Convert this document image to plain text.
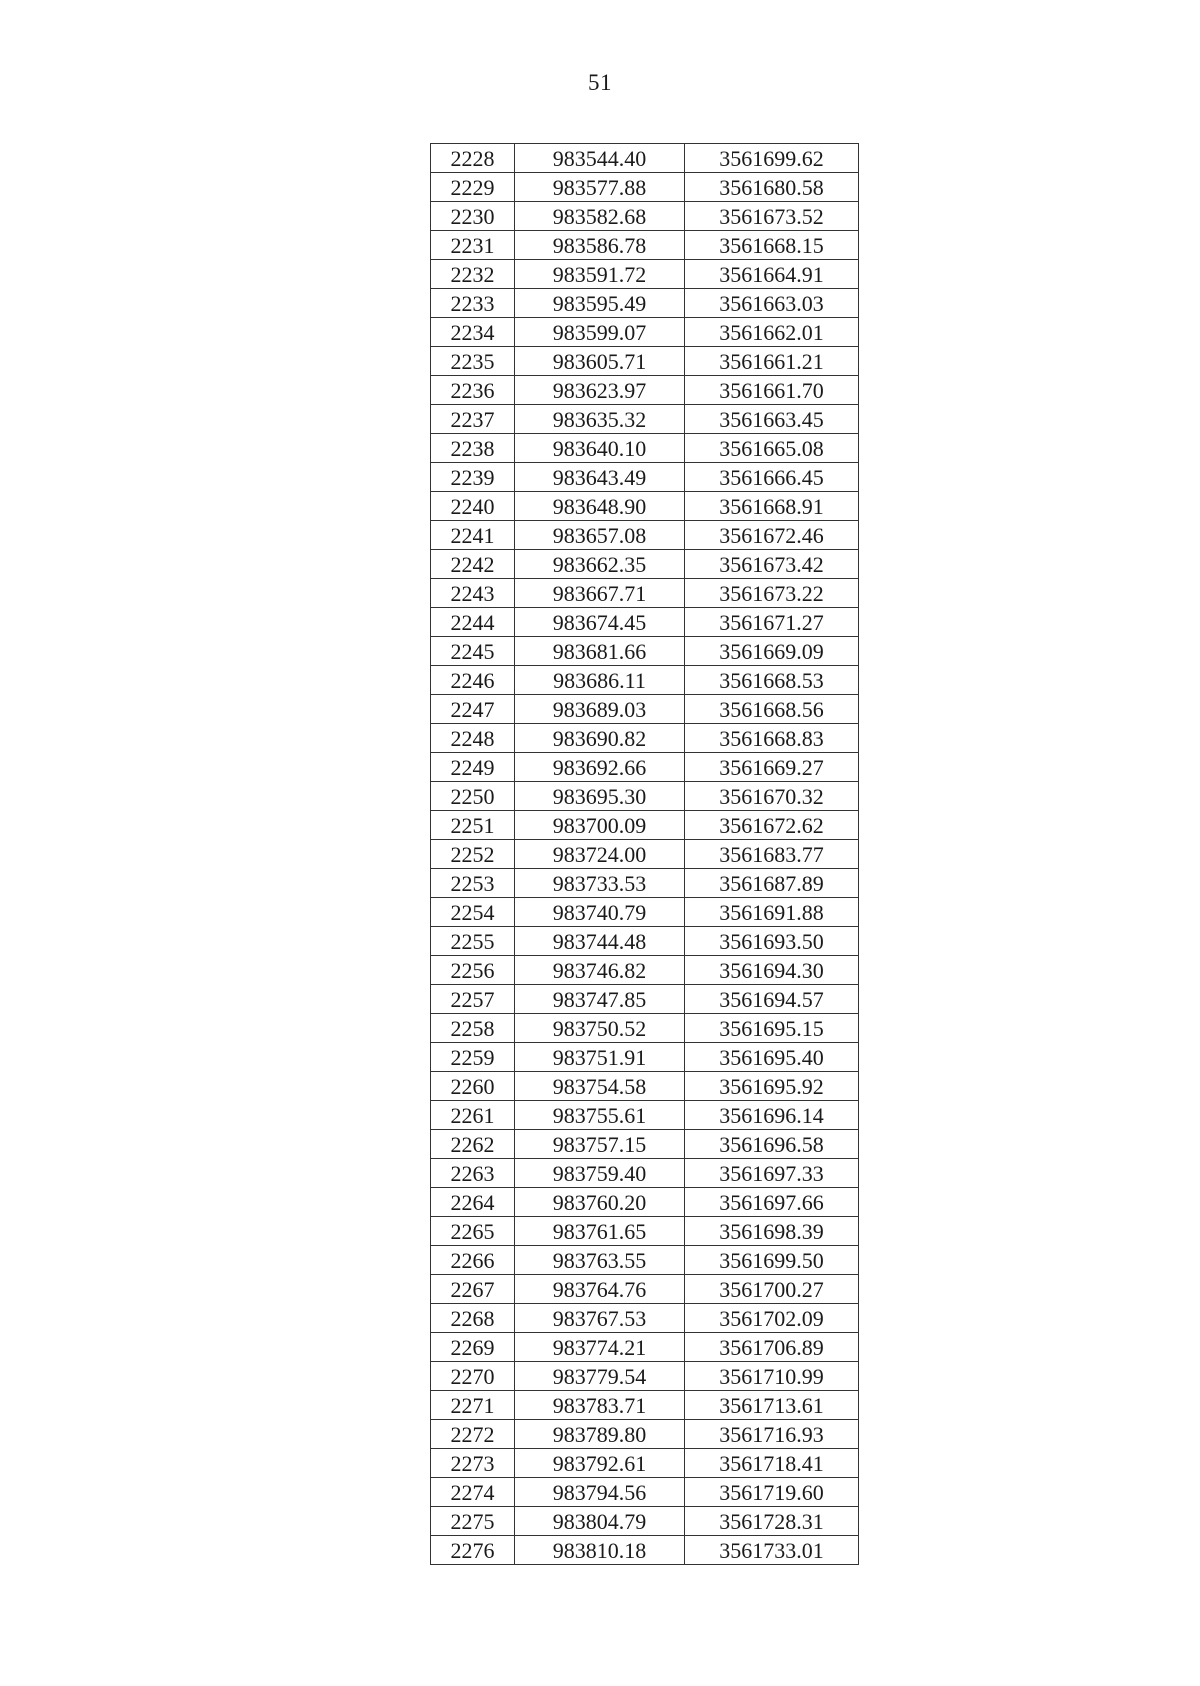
51
2228	983544.40	3561699.62
2229	983577.88	3561680.58
2230	983582.68	3561673.52
2231	983586.78	3561668.15
2232	983591.72	3561664.91
2233	983595.49	3561663.03
2234	983599.07	3561662.01
2235	983605.71	3561661.21
2236	983623.97	3561661.70
2237	983635.32	3561663.45
2238	983640.10	3561665.08
2239	983643.49	3561666.45
2240	983648.90	3561668.91
2241	983657.08	3561672.46
2242	983662.35	3561673.42
2243	983667.71	3561673.22
2244	983674.45	3561671.27
2245	983681.66	3561669.09
2246	983686.11	3561668.53
2247	983689.03	3561668.56
2248	983690.82	3561668.83
2249	983692.66	3561669.27
2250	983695.30	3561670.32
2251	983700.09	3561672.62
2252	983724.00	3561683.77
2253	983733.53	3561687.89
2254	983740.79	3561691.88
2255	983744.48	3561693.50
2256	983746.82	3561694.30
2257	983747.85	3561694.57
2258	983750.52	3561695.15
2259	983751.91	3561695.40
2260	983754.58	3561695.92
2261	983755.61	3561696.14
2262	983757.15	3561696.58
2263	983759.40	3561697.33
2264	983760.20	3561697.66
2265	983761.65	3561698.39
2266	983763.55	3561699.50
2267	983764.76	3561700.27
2268	983767.53	3561702.09
2269	983774.21	3561706.89
2270	983779.54	3561710.99
2271	983783.71	3561713.61
2272	983789.80	3561716.93
2273	983792.61	3561718.41
2274	983794.56	3561719.60
2275	983804.79	3561728.31
2276	983810.18	3561733.01
